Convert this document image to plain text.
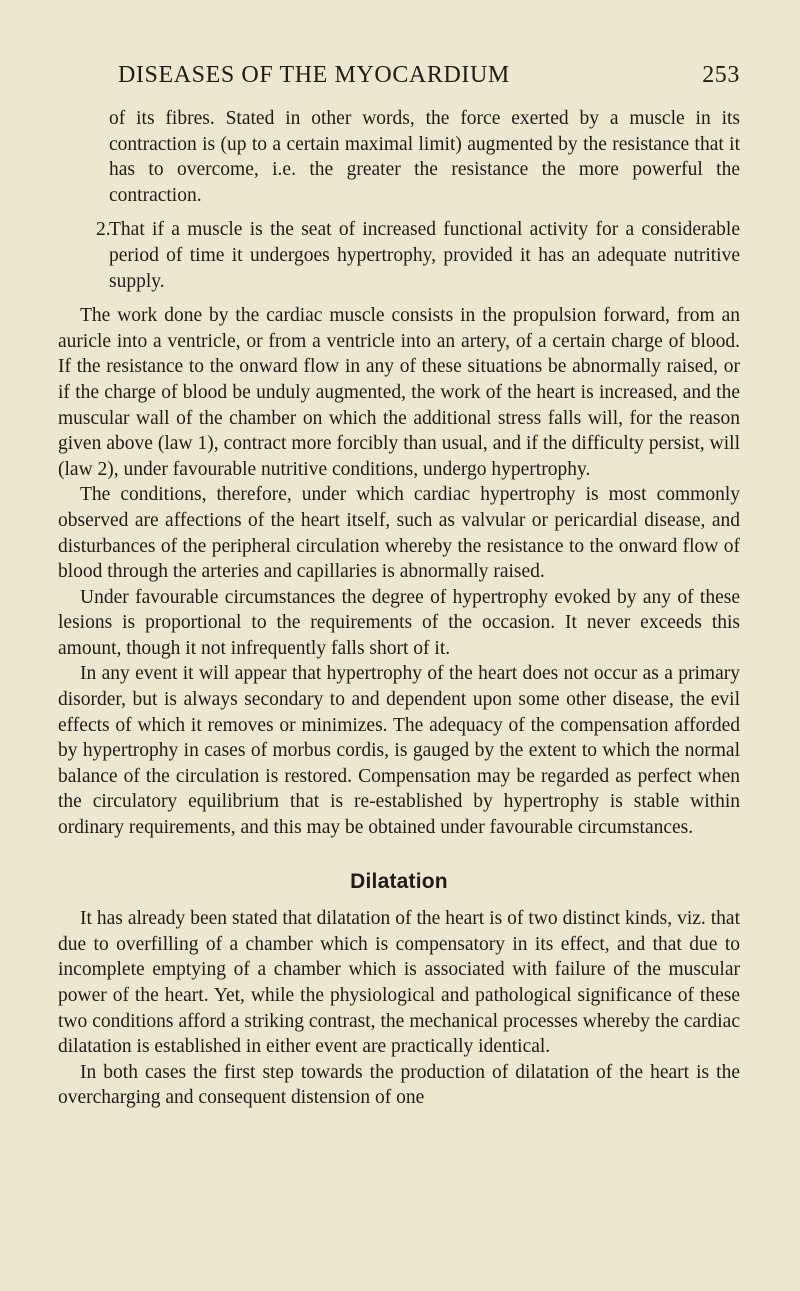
DISEASES OF THE MYOCARDIUM	253

of its fibres. Stated in other words, the force exerted by a muscle in its contraction is (up to a certain maximal limit) augmented by the resistance that it has to overcome, i.e. the greater the resistance the more powerful the contraction.

2.
That if a muscle is the seat of increased functional activity for a considerable period of time it undergoes hypertrophy, provided it has an adequate nutritive supply.

The work done by the cardiac muscle consists in the propulsion forward, from an auricle into a ventricle, or from a ventricle into an artery, of a certain charge of blood. If the resistance to the onward flow in any of these situations be abnormally raised, or if the charge of blood be unduly augmented, the work of the heart is increased, and the muscular wall of the chamber on which the additional stress falls will, for the reason given above (law 1), contract more forcibly than usual, and if the difficulty persist, will (law 2), under favourable nutritive conditions, undergo hypertrophy.

The conditions, therefore, under which cardiac hypertrophy is most commonly observed are affections of the heart itself, such as valvular or pericardial disease, and disturbances of the peripheral circulation whereby the resistance to the onward flow of blood through the arteries and capillaries is abnormally raised.

Under favourable circumstances the degree of hypertrophy evoked by any of these lesions is proportional to the requirements of the occasion. It never exceeds this amount, though it not infrequently falls short of it.

In any event it will appear that hypertrophy of the heart does not occur as a primary disorder, but is always secondary to and dependent upon some other disease, the evil effects of which it removes or minimizes. The adequacy of the compensation afforded by hypertrophy in cases of morbus cordis, is gauged by the extent to which the normal balance of the circulation is restored. Compensation may be regarded as perfect when the circulatory equilibrium that is re-established by hypertrophy is stable within ordinary requirements, and this may be obtained under favourable circumstances.

Dilatation

It has already been stated that dilatation of the heart is of two distinct kinds, viz. that due to overfilling of a chamber which is compensatory in its effect, and that due to incomplete emptying of a chamber which is associated with failure of the muscular power of the heart. Yet, while the physiological and pathological significance of these two conditions afford a striking contrast, the mechanical processes whereby the cardiac dilatation is established in either event are practically identical.

In both cases the first step towards the production of dilatation of the heart is the overcharging and consequent distension of one
